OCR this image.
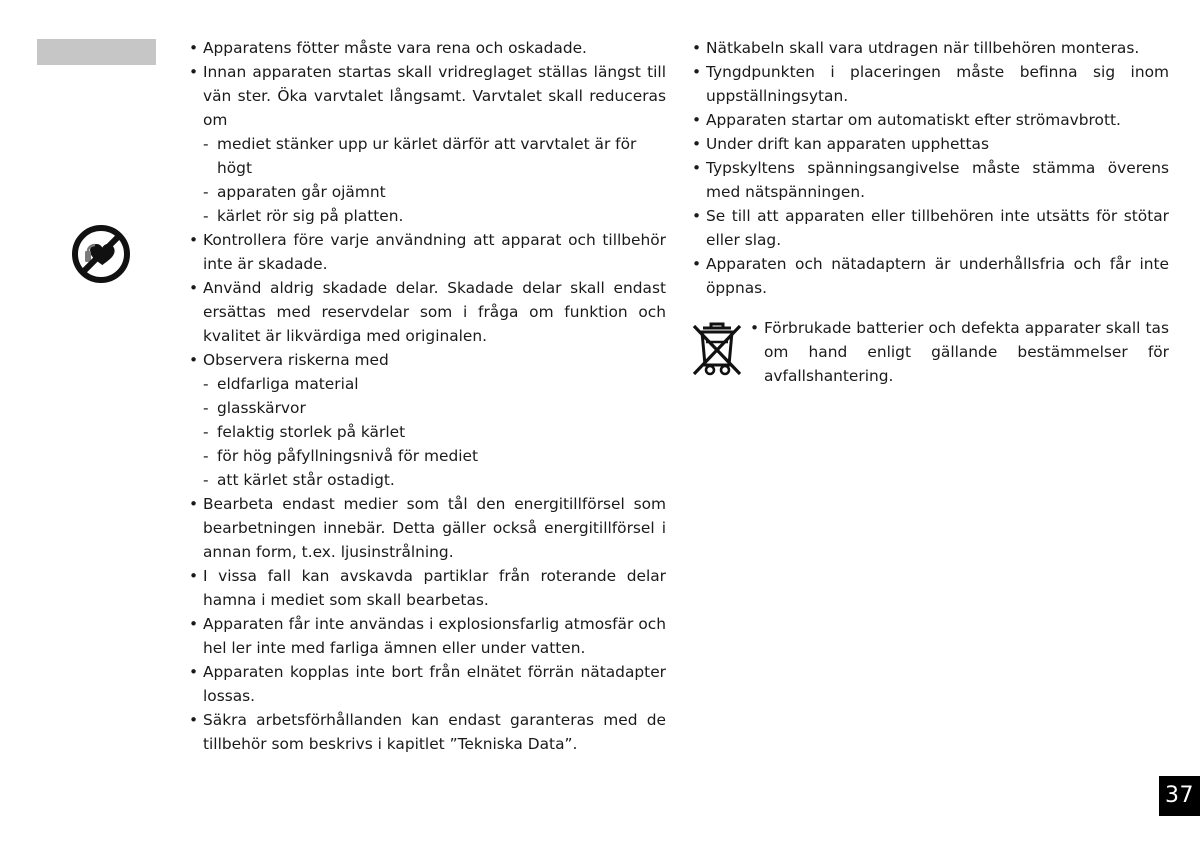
• Apparatens fötter måste vara rena och oskadade.
• Innan apparaten startas skall vridreglaget ställas längst till vän ster. Öka varvtalet långsamt. Varvtalet skall reduceras om
- mediet stänker upp ur kärlet därför att varvtalet är för högt
- apparaten går ojämnt
- kärlet rör sig på platten.
• Kontrollera före varje användning att apparat och tillbehör inte är skadade.
• Använd aldrig skadade delar. Skadade delar skall endast ersättas med reservdelar som i fråga om funktion och kvalitet är likvärdiga med originalen.
• Observera riskerna med
- eldfarliga material
- glasskärvor
- felaktig storlek på kärlet
- för hög påfyllningsnivå för mediet
- att kärlet står ostadigt.
• Bearbeta endast medier som tål den energitillförsel som bearbetningen innebär. Detta gäller också energitillförsel i annan form, t.ex. ljusinstrålning.
• I vissa fall kan avskavda partiklar från roterande delar hamna i mediet som skall bearbetas.
• Apparaten får inte användas i explosionsfarlig atmosfär och hel ler inte med farliga ämnen eller under vatten.
• Apparaten kopplas inte bort från elnätet förrän nätadapter lossas.
• Säkra arbetsförhållanden kan endast garanteras med de tillbehör som beskrivs i kapitlet ”Tekniska Data”.
• Nätkabeln skall vara utdragen när tillbehören monteras.
• Tyngdpunkten i placeringen måste befinna sig inom uppställningsytan.
• Apparaten startar om automatiskt efter strömavbrott.
• Under drift kan apparaten upphettas
• Typskyltens spänningsangivelse måste stämma överens med nätspänningen.
• Se till att apparaten eller tillbehören inte utsätts för stötar eller slag.
• Apparaten och nätadaptern är underhållsfria och får inte öppnas.
• Förbrukade batterier och defekta apparater skall tas om hand enligt gällande bestämmelser för avfallshantering.
37
